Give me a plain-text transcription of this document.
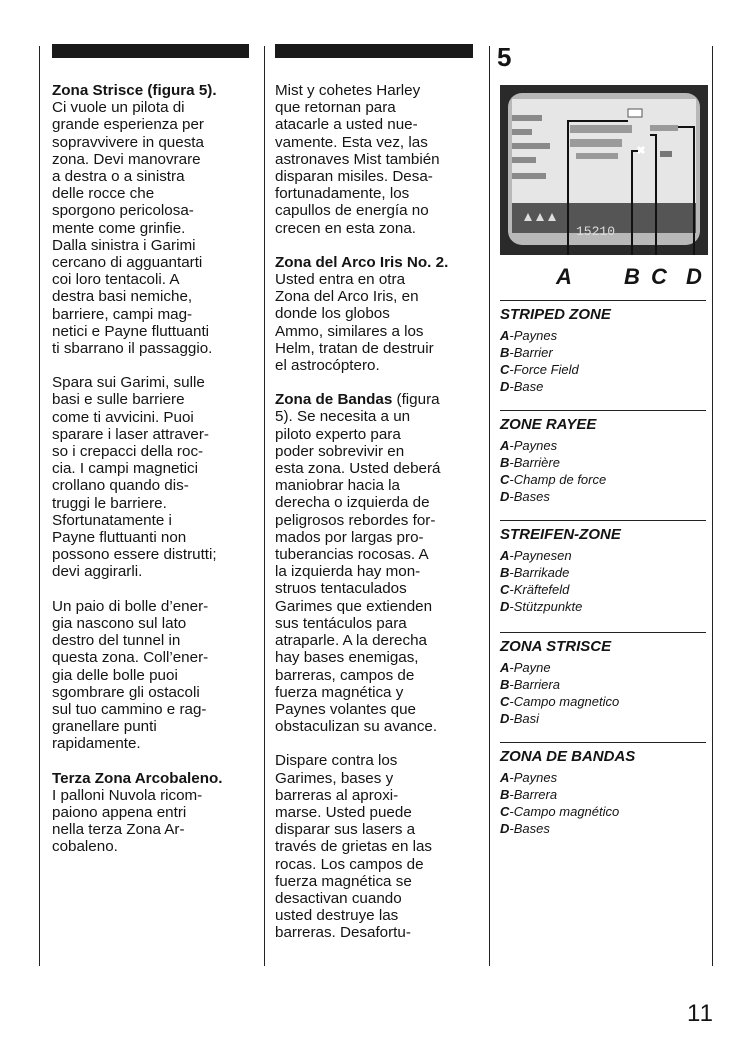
Zona Strisce (figura 5).
Ci vuole un pilota di
grande esperienza per
sopravvivere in questa
zona. Devi manovrare
a destra o a sinistra
delle rocce che
sporgono pericolosa-
mente come grinfie.
Dalla sinistra i Garimi
cercano di agguantarti
coi loro tentacoli. A
destra basi nemiche,
barriere, campi mag-
netici e Payne fluttuanti
ti sbarrano il passaggio.

Spara sui Garimi, sulle
basi e sulle barriere
come ti avvicini. Puoi
sparare i laser attraver-
so i crepacci della roc-
cia. I campi magnetici
crollano quando dis-
truggi le barriere.
Sfortunatamente i
Payne fluttuanti non
possono essere distrutti;
devi aggirarli.

Un paio di bolle d’ener-
gia nascono sul lato
destro del tunnel in
questa zona. Coll’ener-
gia delle bolle puoi
sgombrare gli ostacoli
sul tuo cammino e rag-
granellare punti
rapidamente.

Terza Zona Arcobaleno.
I palloni Nuvola ricom-
paiono appena entri
nella terza Zona Ar-
cobaleno.

Mist y cohetes Harley
que retornan para
atacarle a usted nue-
vamente. Esta vez, las
astronaves Mist también
disparan misiles. Desa-
fortunadamente, los
capullos de energía no
crecen en esta zona.

Zona del Arco Iris No. 2.
Usted entra en otra
Zona del Arco Iris, en
donde los globos
Ammo, similares a los
Helm, tratan de destruir
el astrocóptero.

Zona de Bandas (figura
5). Se necesita a un
piloto experto para
poder sobrevivir en
esta zona. Usted deberá
maniobrar hacia la
derecha o izquierda de
peligrosos rebordes for-
mados por largas pro-
tuberancias rocosas. A
la izquierda hay mon-
struos tentaculados
Garimes que extienden
sus tentáculos para
atraparle. A la derecha
hay bases enemigas,
barreras, campos de
fuerza magnética y
Paynes volantes que
obstaculizan su avance.

Dispare contra los
Garimes, bases y
barreras al aproxi-
marse. Usted puede
disparar sus lasers a
través de grietas en las
rocas. Los campos de
fuerza magnética se
desactivan cuando
usted destruye las
barreras. Desafortu-

5
15210
A B C D
STRIPED ZONE
A-Paynes
B-Barrier
C-Force Field
D-Base
ZONE RAYEE
A-Paynes
B-Barrière
C-Champ de force
D-Bases
STREIFEN-ZONE
A-Paynesen
B-Barrikade
C-Kräftefeld
D-Stützpunkte
ZONA STRISCE
A-Payne
B-Barriera
C-Campo magnetico
D-Basi
ZONA DE BANDAS
A-Paynes
B-Barrera
C-Campo magnético
D-Bases
11
